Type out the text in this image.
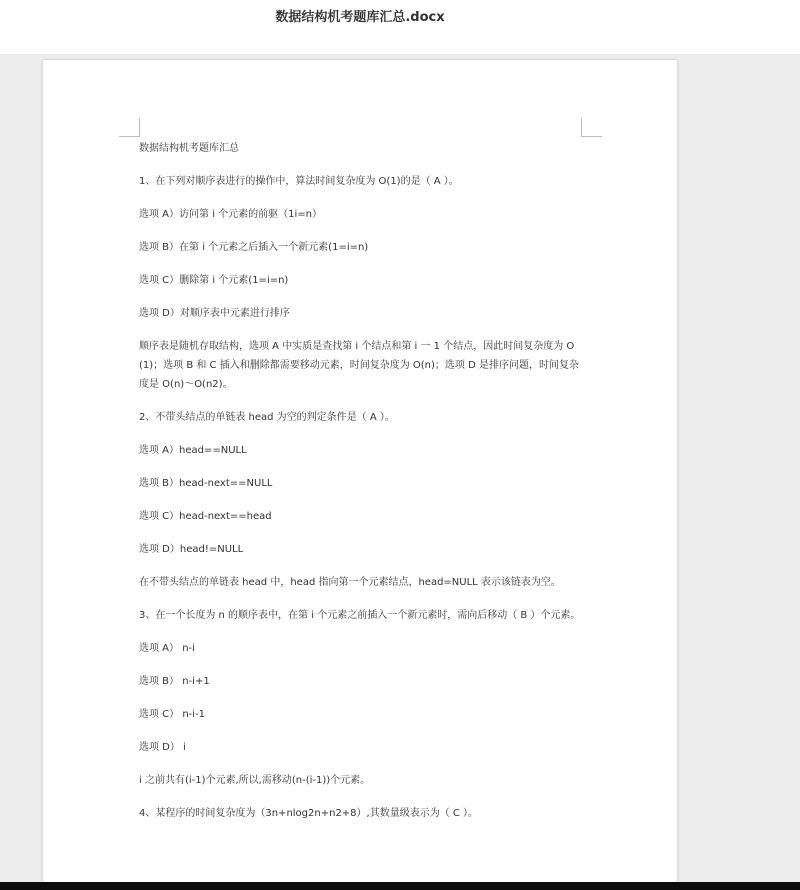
数据结构机考题库汇总.docx

数据结构机考题库汇总

1、在下列对顺序表进行的操作中，算法时间复杂度为 O(1)的是（ A ）。

选项 A）访问第 i 个元素的前驱（1i=n）

选项 B）在第 i 个元素之后插入一个新元素(1=i=n)

选项 C）删除第 i 个元素(1=i=n)

选项 D）对顺序表中元素进行排序

顺序表是随机存取结构，选项 A 中实质是查找第 i 个结点和第 i 一 1 个结点，因此时间复杂度为 O(1)；选项 B 和 C 插入和删除都需要移动元素，时间复杂度为 O(n)；选项 D 是排序问题，时间复杂度是 O(n)～O(n2)。

2、不带头结点的单链表 head 为空的判定条件是（ A ）。

选项 A）head==NULL

选项 B）head-next==NULL

选项 C）head-next==head

选项 D）head!=NULL

在不带头结点的单链表 head 中，head 指向第一个元素结点，head=NULL 表示该链表为空。

3、在一个长度为 n 的顺序表中，在第 i 个元素之前插入一个新元素时，需向后移动（ B ）个元素。

选项 A） n-i

选项 B） n-i+1

选项 C） n-i-1

选项 D） i

i 之前共有(i-1)个元素,所以,需移动(n-(i-1))个元素。

4、某程序的时间复杂度为（3n+nlog2n+n2+8）,其数量级表示为（ C ）。
